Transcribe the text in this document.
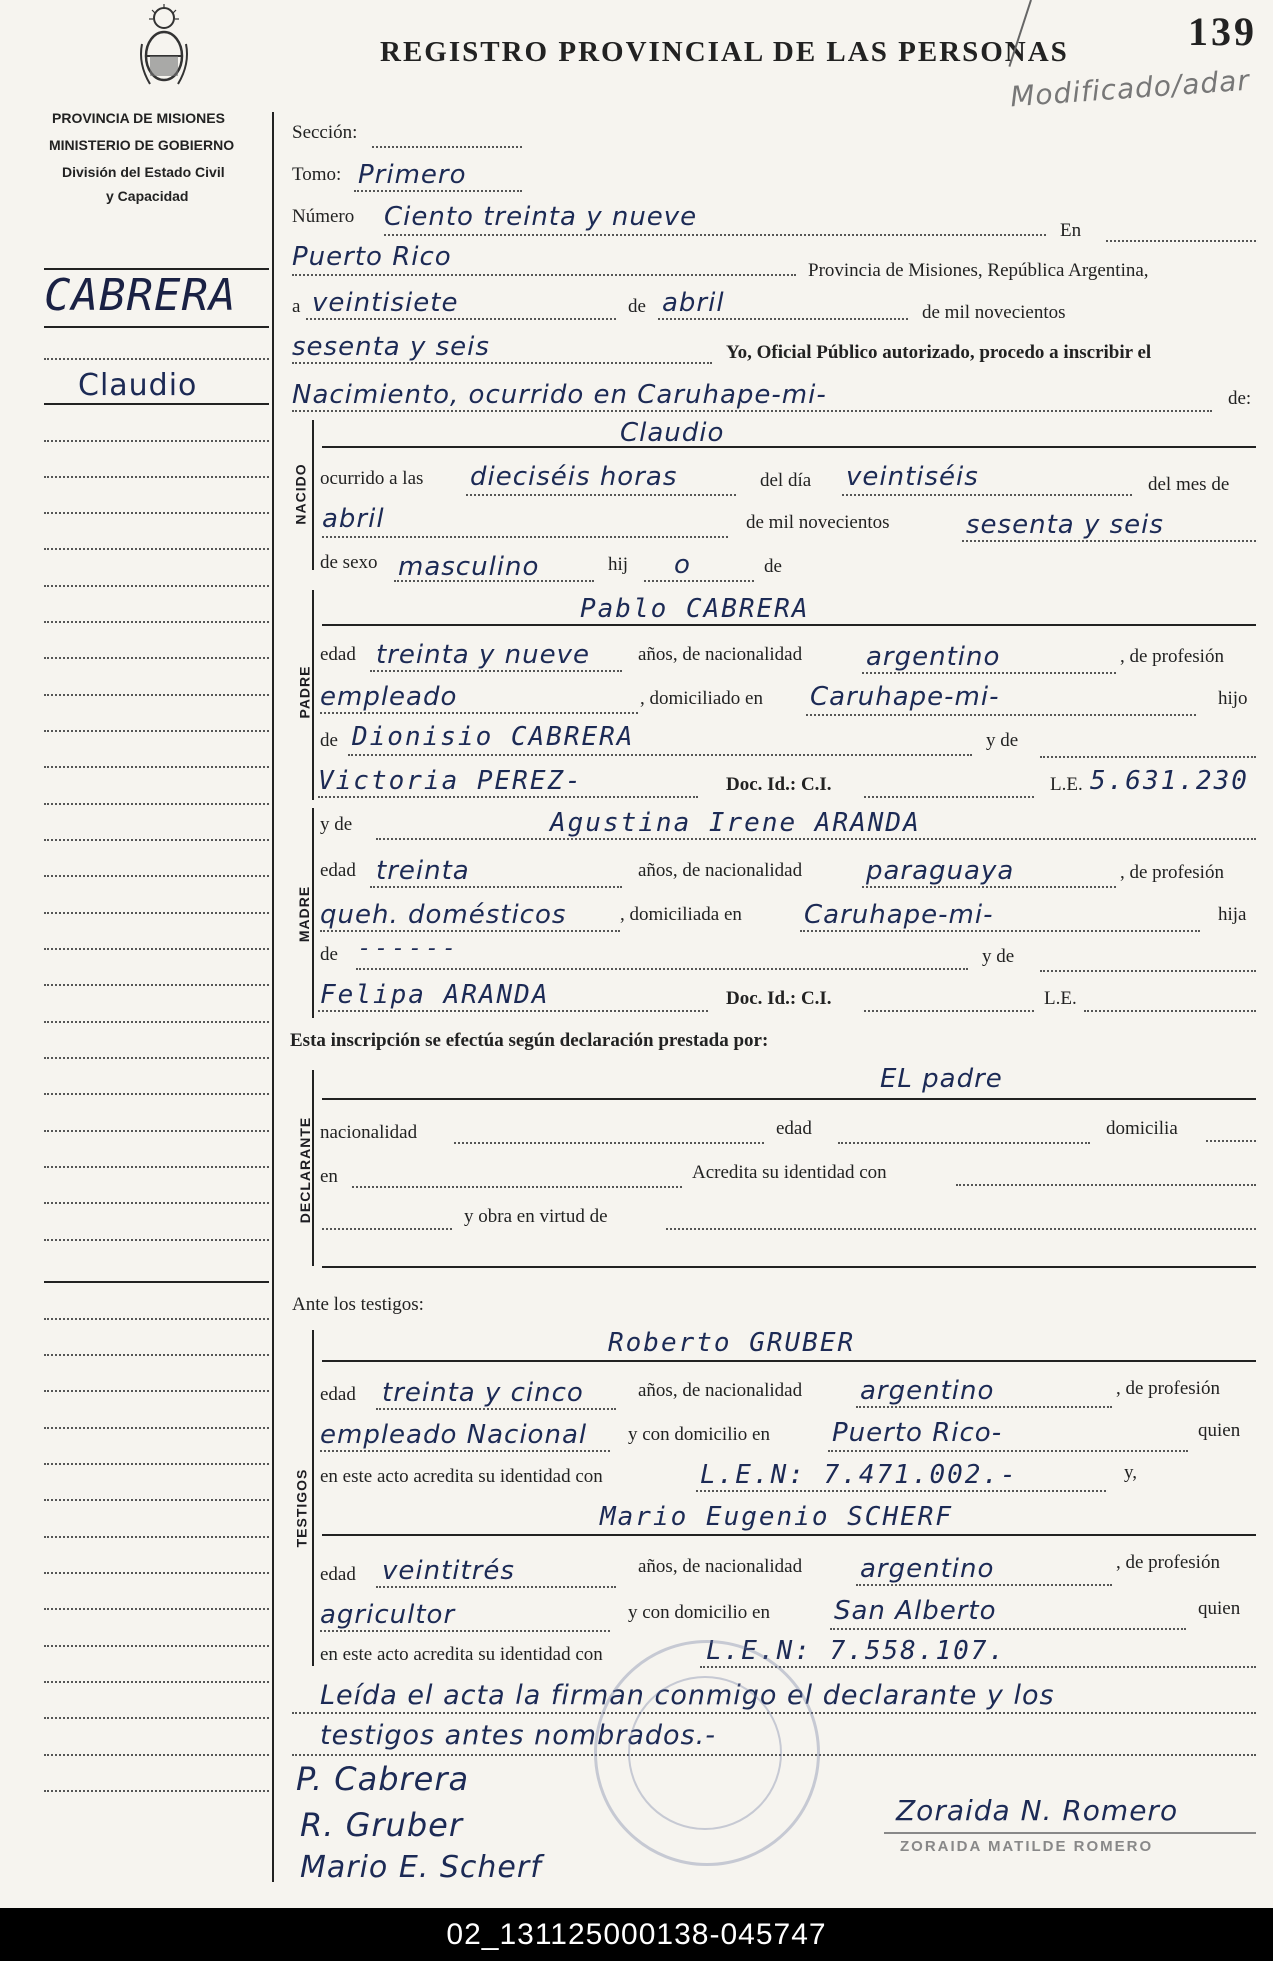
PROVINCIA DE MISIONES
MINISTERIO DE GOBIERNO
División del Estado Civil
y Capacidad
REGISTRO PROVINCIAL DE LAS PERSONAS	139
Modificado/adar
CABRERA
Claudio
Sección:
Tomo: Primero
Número Ciento treinta y nueve	En
Puerto Rico	Provincia de Misiones, República Argentina,
a veintisiete	de abril	de mil novecientos
sesenta y seis	Yo, Oficial Público autorizado, procedo a inscribir el
Nacimiento, ocurrido en Caruhape-mi-	de:
NACIDO
Claudio
ocurrido a las dieciséis horas	del día veintiséis	del mes de
abril	de mil novecientos	sesenta y seis
de sexo masculino	hij o	de
PADRE
Pablo CABRERA
edad treinta y nueve	años, de nacionalidad argentino	, de profesión
empleado	, domiciliado en Caruhape-mi-	hijo
de Dionisio CABRERA	y de
Victoria PEREZ-	Doc. Id.: C.I.	L.E. 5.631.230
MADRE
y de	Agustina Irene ARANDA
edad treinta	años, de nacionalidad paraguaya	, de profesión
queh. domésticos	, domiciliada en Caruhape-mi-	hija
de - - - - - -	y de
Felipa ARANDA	Doc. Id.: C.I.	L.E.
Esta inscripción se efectúa según declaración prestada por:
DECLARANTE
EL padre
nacionalidad	edad	domicilia
en	Acredita su identidad con
y obra en virtud de
Ante los testigos:
TESTIGOS
Roberto GRUBER
edad treinta y cinco	años, de nacionalidad argentino	, de profesión
empleado Nacional y con domicilio en Puerto Rico-	quien
en este acto acredita su identidad con	L.E.N: 7.471.002.-	y,
Mario Eugenio SCHERF
edad veintitrés	años, de nacionalidad argentino	, de profesión
agricultor	y con domicilio en San Alberto	quien
en este acto acredita su identidad con	L.E.N: 7.558.107.
Leída el acta la firman conmigo el declarante y los
testigos antes nombrados.-
P. Cabrera
R. Gruber
Mario E. Scherf
Zoraida N. Romero
ZORAIDA MATILDE ROMERO
02_131125000138-045747
